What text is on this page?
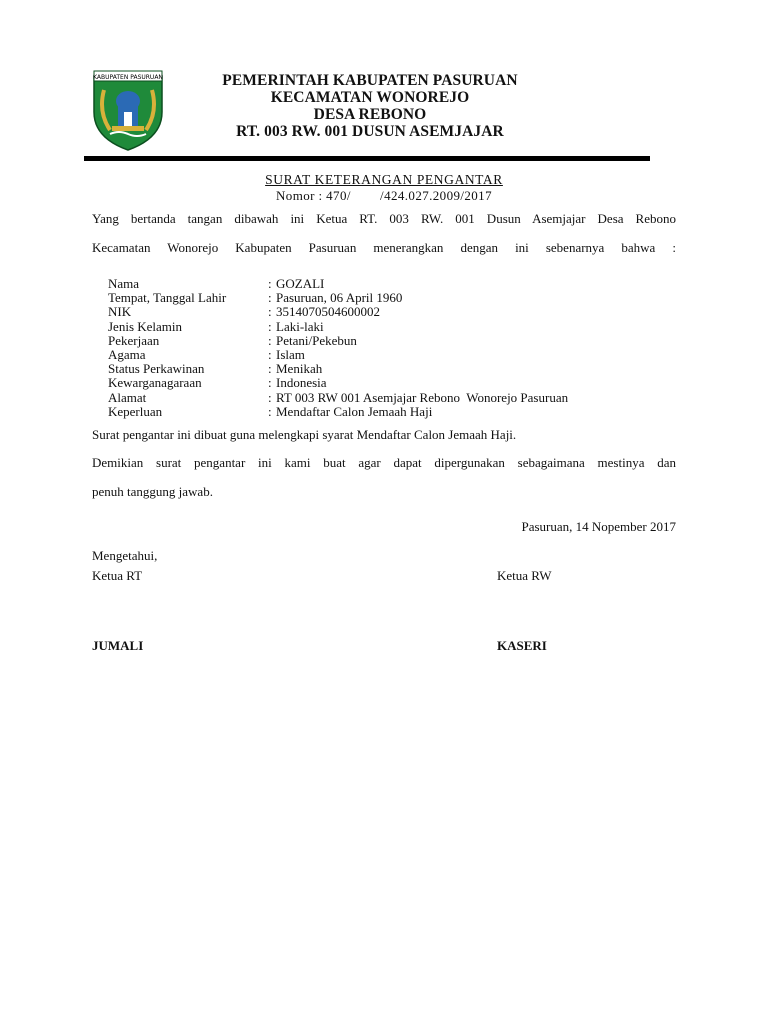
KABUPATEN PASURUAN	PEMERINTAH KABUPATEN PASURUAN
KECAMATAN WONOREJO
DESA REBONO
RT. 003 RW. 001 DUSUN ASEMJAJAR
SURAT KETERANGAN PENGANTAR
Nomor : 470/        /424.027.2009/2017
Yang bertanda tangan dibawah ini Ketua RT. 003 RW. 001 Dusun Asemjajar Desa Rebono
Kecamatan Wonorejo Kabupaten Pasuruan menerangkan dengan ini sebenarnya bahwa :
Nama	: GOZALI
Tempat, Tanggal Lahir	: Pasuruan, 06 April 1960
NIK	: 3514070504600002
Jenis Kelamin	: Laki-laki
Pekerjaan	: Petani/Pekebun
Agama	: Islam
Status Perkawinan	: Menikah
Kewarganagaraan	: Indonesia
Alamat	: RT 003 RW 001 Asemjajar Rebono  Wonorejo Pasuruan
Keperluan	: Mendaftar Calon Jemaah Haji
Surat pengantar ini dibuat guna melengkapi syarat Mendaftar Calon Jemaah Haji.
Demikian surat pengantar ini kami buat agar dapat dipergunakan sebagaimana mestinya dan
penuh tanggung jawab.
Pasuruan, 14 Nopember 2017
Mengetahui,
Ketua RT	Ketua RW
JUMALI	KASERI
